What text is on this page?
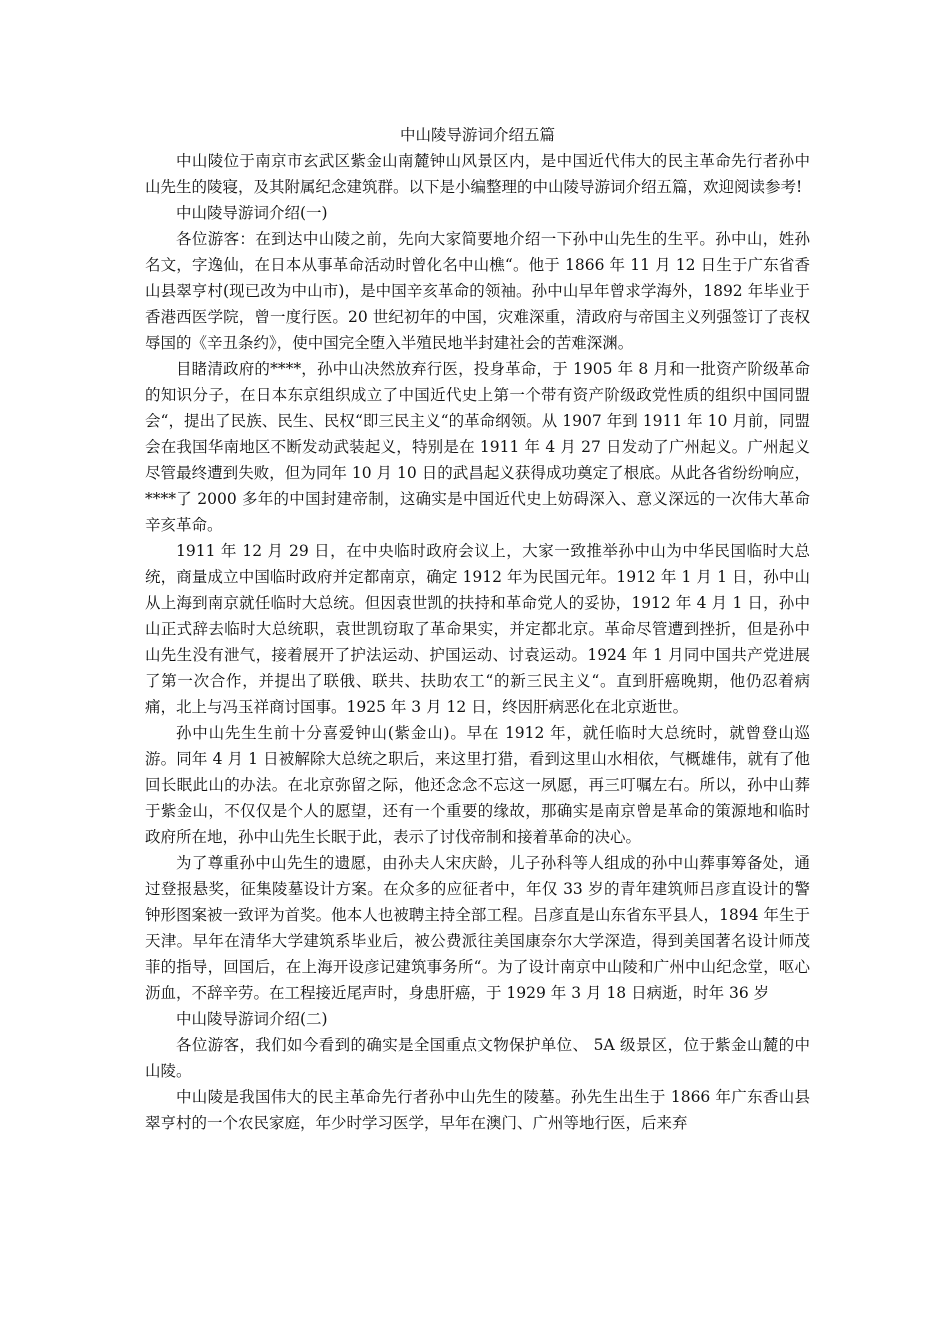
中山陵导游词介绍五篇

中山陵位于南京市玄武区紫金山南麓钟山风景区内，是中国近代伟大的民主革命先行者孙中山先生的陵寝，及其附属纪念建筑群。以下是小编整理的中山陵导游词介绍五篇，欢迎阅读参考!

中山陵导游词介绍(一)

各位游客：在到达中山陵之前，先向大家简要地介绍一下孙中山先生的生平。孙中山，姓孙名文，字逸仙，在日本从事革命活动时曾化名中山樵“。他于 1866 年 11 月 12 日生于广东省香山县翠亨村(现已改为中山市)，是中国辛亥革命的领袖。孙中山早年曾求学海外，1892 年毕业于香港西医学院，曾一度行医。20 世纪初年的中国，灾难深重，清政府与帝国主义列强签订了丧权辱国的《辛丑条约》，使中国完全堕入半殖民地半封建社会的苦难深渊。

目睹清政府的****，孙中山决然放弃行医，投身革命，于 1905 年 8 月和一批资产阶级革命的知识分子，在日本东京组织成立了中国近代史上第一个带有资产阶级政党性质的组织中国同盟会“，提出了民族、民生、民权“即三民主义“的革命纲领。从 1907 年到 1911 年 10 月前，同盟会在我国华南地区不断发动武装起义，特别是在 1911 年 4 月 27 日发动了广州起义。广州起义尽管最终遭到失败，但为同年 10 月 10 日的武昌起义获得成功奠定了根底。从此各省纷纷响应，****了 2000 多年的中国封建帝制，这确实是中国近代史上妨碍深入、意义深远的一次伟大革命辛亥革命。

1911 年 12 月 29 日，在中央临时政府会议上，大家一致推举孙中山为中华民国临时大总统，商量成立中国临时政府并定都南京，确定 1912 年为民国元年。1912 年 1 月 1 日，孙中山从上海到南京就任临时大总统。但因袁世凯的扶持和革命党人的妥协，1912 年 4 月 1 日，孙中山正式辞去临时大总统职，袁世凯窃取了革命果实，并定都北京。革命尽管遭到挫折，但是孙中山先生没有泄气，接着展开了护法运动、护国运动、讨袁运动。1924 年 1 月同中国共产党进展了第一次合作，并提出了联俄、联共、扶助农工“的新三民主义“。直到肝癌晚期，他仍忍着病痛，北上与冯玉祥商讨国事。1925 年 3 月 12 日，终因肝病恶化在北京逝世。

孙中山先生生前十分喜爱钟山(紫金山)。早在 1912 年，就任临时大总统时，就曾登山巡游。同年 4 月 1 日被解除大总统之职后，来这里打猎，看到这里山水相依，气概雄伟，就有了他回长眠此山的办法。在北京弥留之际，他还念念不忘这一夙愿，再三叮嘱左右。所以，孙中山葬于紫金山，不仅仅是个人的愿望，还有一个重要的缘故，那确实是南京曾是革命的策源地和临时政府所在地，孙中山先生长眠于此，表示了讨伐帝制和接着革命的决心。

为了尊重孙中山先生的遗愿，由孙夫人宋庆龄，儿子孙科等人组成的孙中山葬事筹备处，通过登报悬奖，征集陵墓设计方案。在众多的应征者中，年仅 33 岁的青年建筑师吕彦直设计的警钟形图案被一致评为首奖。他本人也被聘主持全部工程。吕彦直是山东省东平县人，1894 年生于天津。早年在清华大学建筑系毕业后，被公费派往美国康奈尔大学深造，得到美国著名设计师茂菲的指导，回国后，在上海开设彦记建筑事务所“。为了设计南京中山陵和广州中山纪念堂，呕心沥血，不辞辛劳。在工程接近尾声时，身患肝癌，于 1929 年 3 月 18 日病逝，时年 36 岁

中山陵导游词介绍(二)

各位游客，我们如今看到的确实是全国重点文物保护单位、 5A 级景区，位于紫金山麓的中山陵。

中山陵是我国伟大的民主革命先行者孙中山先生的陵墓。孙先生出生于 1866 年广东香山县翠亨村的一个农民家庭，年少时学习医学，早年在澳门、广州等地行医，后来弃
